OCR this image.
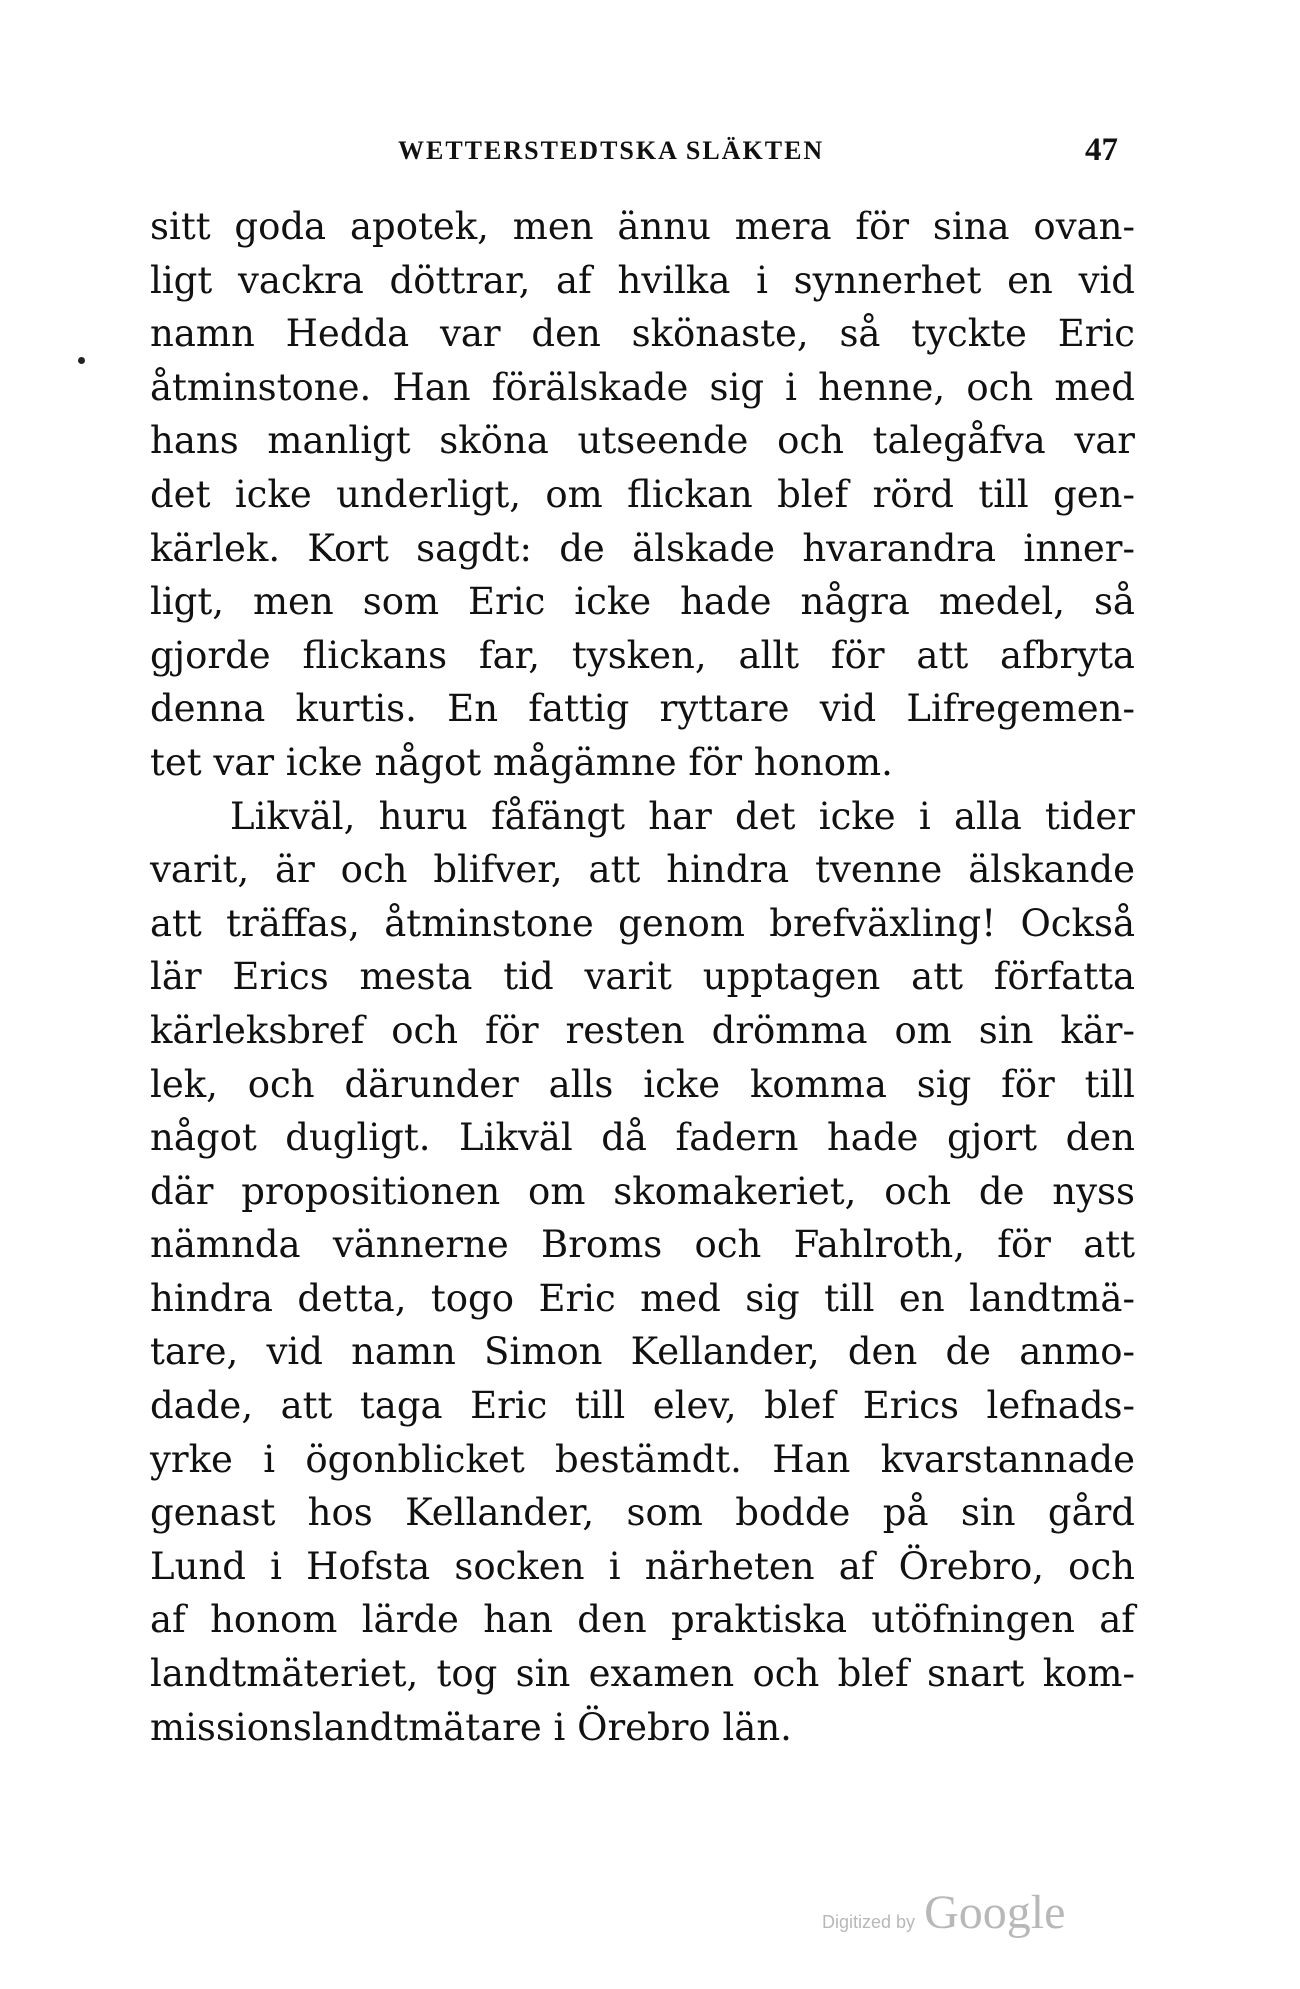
WETTERSTEDTSKA SLÄKTEN	47
sitt goda apotek, men ännu mera för sina ovan-
ligt vackra döttrar, af hvilka i synnerhet en vid
namn Hedda var den skönaste, så tyckte Eric
åtminstone. Han förälskade sig i henne, och med
hans manligt sköna utseende och talegåfva var
det icke underligt, om flickan blef rörd till gen-
kärlek. Kort sagdt: de älskade hvarandra inner-
ligt, men som Eric icke hade några medel, så
gjorde flickans far, tysken, allt för att afbryta
denna kurtis. En fattig ryttare vid Lifregemen-
tet var icke något mågämne för honom.
Likväl, huru fåfängt har det icke i alla tider
varit, är och blifver, att hindra tvenne älskande
att träffas, åtminstone genom brefväxling! Också
lär Erics mesta tid varit upptagen att författa
kärleksbref och för resten drömma om sin kär-
lek, och därunder alls icke komma sig för till
något dugligt. Likväl då fadern hade gjort den
där propositionen om skomakeriet, och de nyss
nämnda vännerne Broms och Fahlroth, för att
hindra detta, togo Eric med sig till en landtmä-
tare, vid namn Simon Kellander, den de anmo-
dade, att taga Eric till elev, blef Erics lefnads-
yrke i ögonblicket bestämdt. Han kvarstannade
genast hos Kellander, som bodde på sin gård
Lund i Hofsta socken i närheten af Örebro, och
af honom lärde han den praktiska utöfningen af
landtmäteriet, tog sin examen och blef snart kom-
missionslandtmätare i Örebro län.
Digitized by Google
